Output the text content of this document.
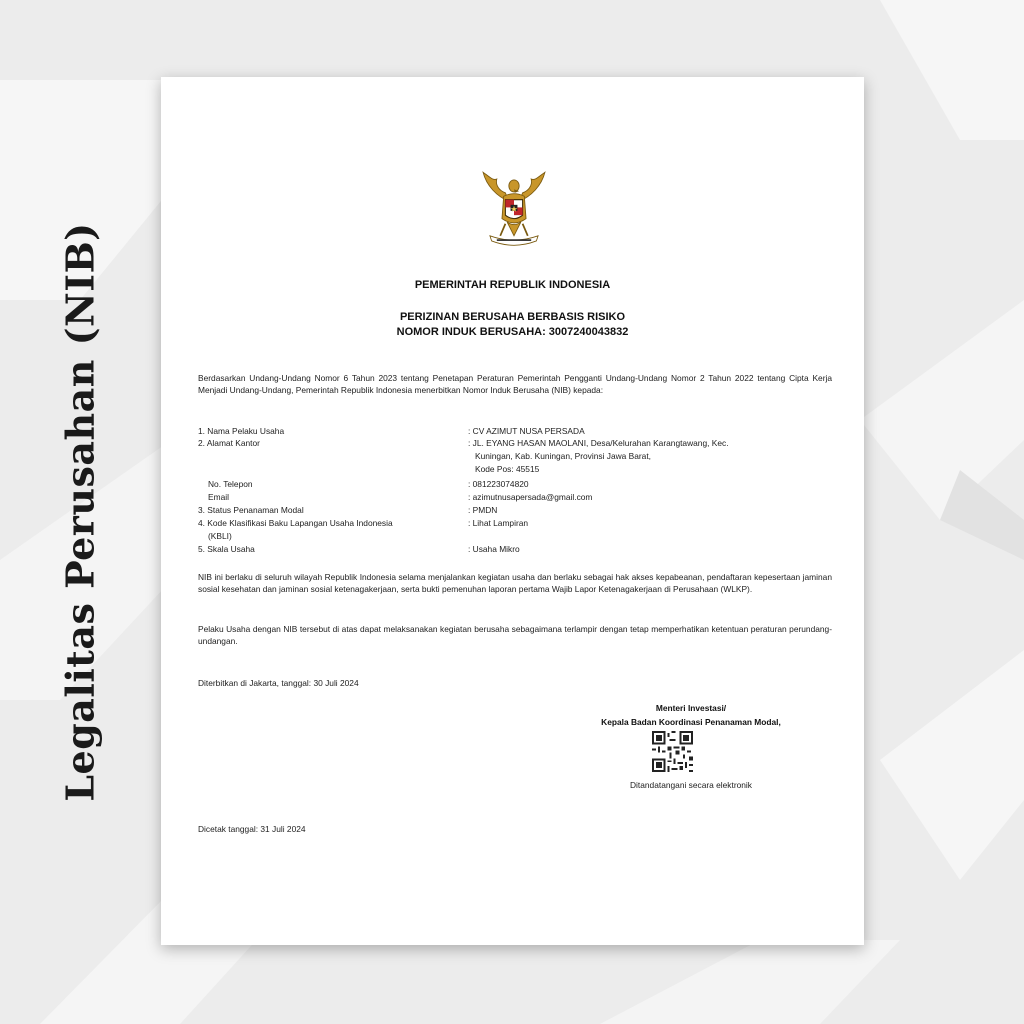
Legalitas Perusahan (NIB)	PEMERINTAH REPUBLIK INDONESIA
PERIZINAN BERUSAHA BERBASIS RISIKO
NOMOR INDUK BERUSAHA: 3007240043832
Berdasarkan Undang-Undang Nomor 6 Tahun 2023 tentang Penetapan Peraturan Pemerintah Pengganti Undang-Undang Nomor 2 Tahun 2022 tentang Cipta Kerja Menjadi Undang-Undang, Pemerintah Republik Indonesia menerbitkan Nomor Induk Berusaha (NIB) kepada:
1. Nama Pelaku Usaha	: CV AZIMUT NUSA PERSADA
2. Alamat Kantor	: JL. EYANG HASAN MAOLANI, Desa/Kelurahan Karangtawang, Kec.
Kuningan, Kab. Kuningan, Provinsi Jawa Barat,
Kode Pos: 45515
No. Telepon	: 081223074820
Email	: azimutnusapersada@gmail.com
3. Status Penanaman Modal	: PMDN
4. Kode Klasifikasi Baku Lapangan Usaha Indonesia	: Lihat Lampiran
(KBLI)
5. Skala Usaha	: Usaha Mikro
NIB ini berlaku di seluruh wilayah Republik Indonesia selama menjalankan kegiatan usaha dan berlaku sebagai hak akses kepabeanan, pendaftaran kepesertaan jaminan sosial kesehatan dan jaminan sosial ketenagakerjaan, serta bukti pemenuhan laporan pertama Wajib Lapor Ketenagakerjaan di Perusahaan (WLKP).
Pelaku Usaha dengan NIB tersebut di atas dapat melaksanakan kegiatan berusaha sebagaimana terlampir dengan tetap memperhatikan ketentuan peraturan perundang-undangan.
Diterbitkan di Jakarta, tanggal: 30 Juli 2024
Menteri Investasi/
Kepala Badan Koordinasi Penanaman Modal,
Ditandatangani secara elektronik
Dicetak tanggal: 31 Juli 2024
